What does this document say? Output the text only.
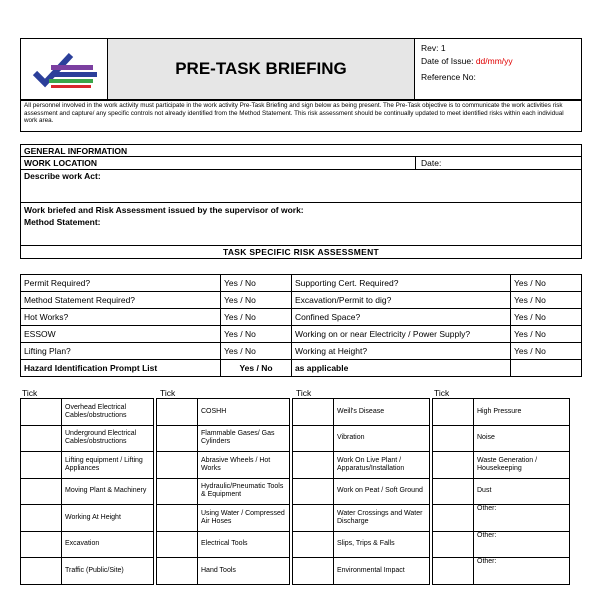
PRE-TASK BRIEFING
Rev: 1
Date of Issue: dd/mm/yy
Reference No:
All personnel involved in the work activity must participate in the work activity Pre-Task Briefing and sign below as being present. The Pre-Task objective is to communicate the work activities risk assessment and capture/ any specific controls not already identified from the Method Statement. This risk assessment should be continually updated to meet identified risks within each individual work area.
GENERAL INFORMATION
WORK LOCATION	Date:
Describe work Act:
Work briefed and Risk Assessment issued by the supervisor of work:
Method Statement:
TASK SPECIFIC RISK ASSESSMENT
Permit Required?	Yes / No	Supporting Cert. Required?	Yes / No
Method Statement Required?	Yes / No	Excavation/Permit to dig?	Yes / No
Hot Works?	Yes / No	Confined Space?	Yes / No
ESSOW	Yes / No	Working on or near Electricity / Power Supply?	Yes / No
Lifting Plan?	Yes / No	Working at Height?	Yes / No
Hazard Identification Prompt List	Yes / No	as applicable	
Tick	Tick	Tick	Tick
	Overhead Electrical Cables/obstructions
	Underground Electrical Cables/obstructions
	Lifting equipment / Lifting Appliances
	Moving Plant & Machinery
	Working At Height
	Excavation
	Traffic (Public/Site)
	COSHH
	Flammable Gases/ Gas Cylinders
	Abrasive Wheels / Hot Works
	Hydraulic/Pneumatic Tools & Equipment
	Using Water / Compressed Air Hoses
	Electrical Tools
	Hand Tools
	Weill's Disease
	Vibration
	Work On Live Plant / Apparatus/Installation
	Work on Peat / Soft Ground
	Water Crossings and Water Discharge
	Slips, Trips & Falls
	Environmental Impact
	High Pressure
	Noise
	Waste Generation / Housekeeping
	Dust
	Other:
	Other:
	Other:
